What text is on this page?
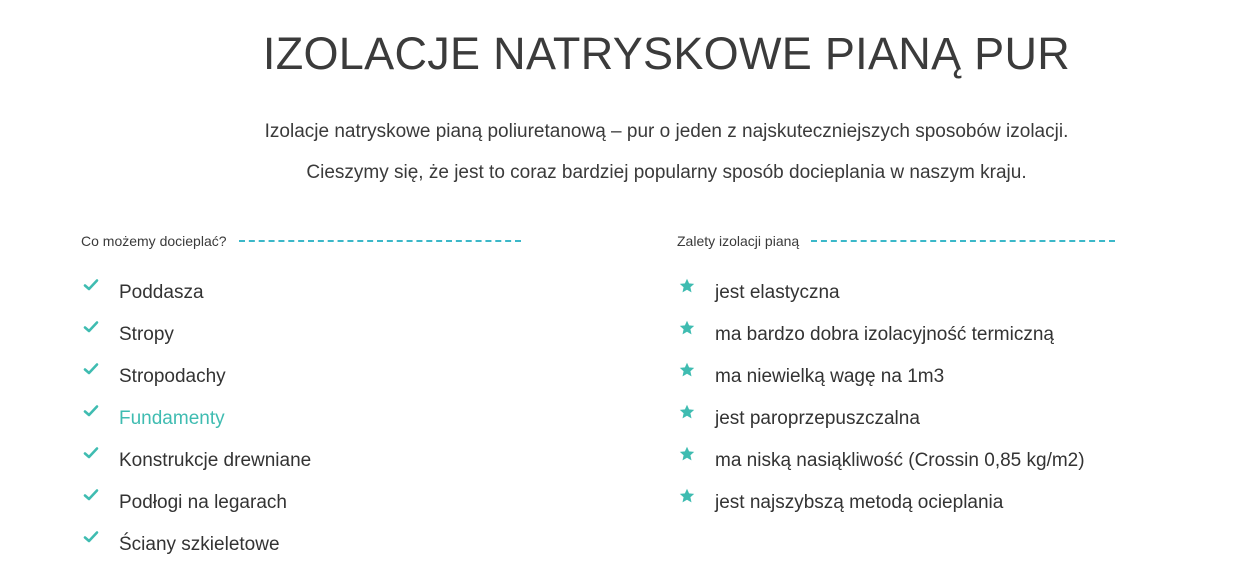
IZOLACJE NATRYSKOWE PIANĄ PUR

Izolacje natryskowe pianą poliuretanową – pur o jeden z najskuteczniejszych sposobów izolacji.

Cieszymy się, że jest to coraz bardziej popularny sposób docieplania w naszym kraju.

Co możemy docieplać?
Poddasza
Stropy
Stropodachy
Fundamenty
Konstrukcje drewniane
Podłogi na legarach
Ściany szkieletowe
Zalety izolacji pianą
jest elastyczna
ma bardzo dobra izolacyjność termiczną
ma niewielką wagę na 1m3
jest paroprzepuszczalna
ma niską nasiąkliwość (Crossin 0,85 kg/m2)
jest najszybszą metodą ocieplania
